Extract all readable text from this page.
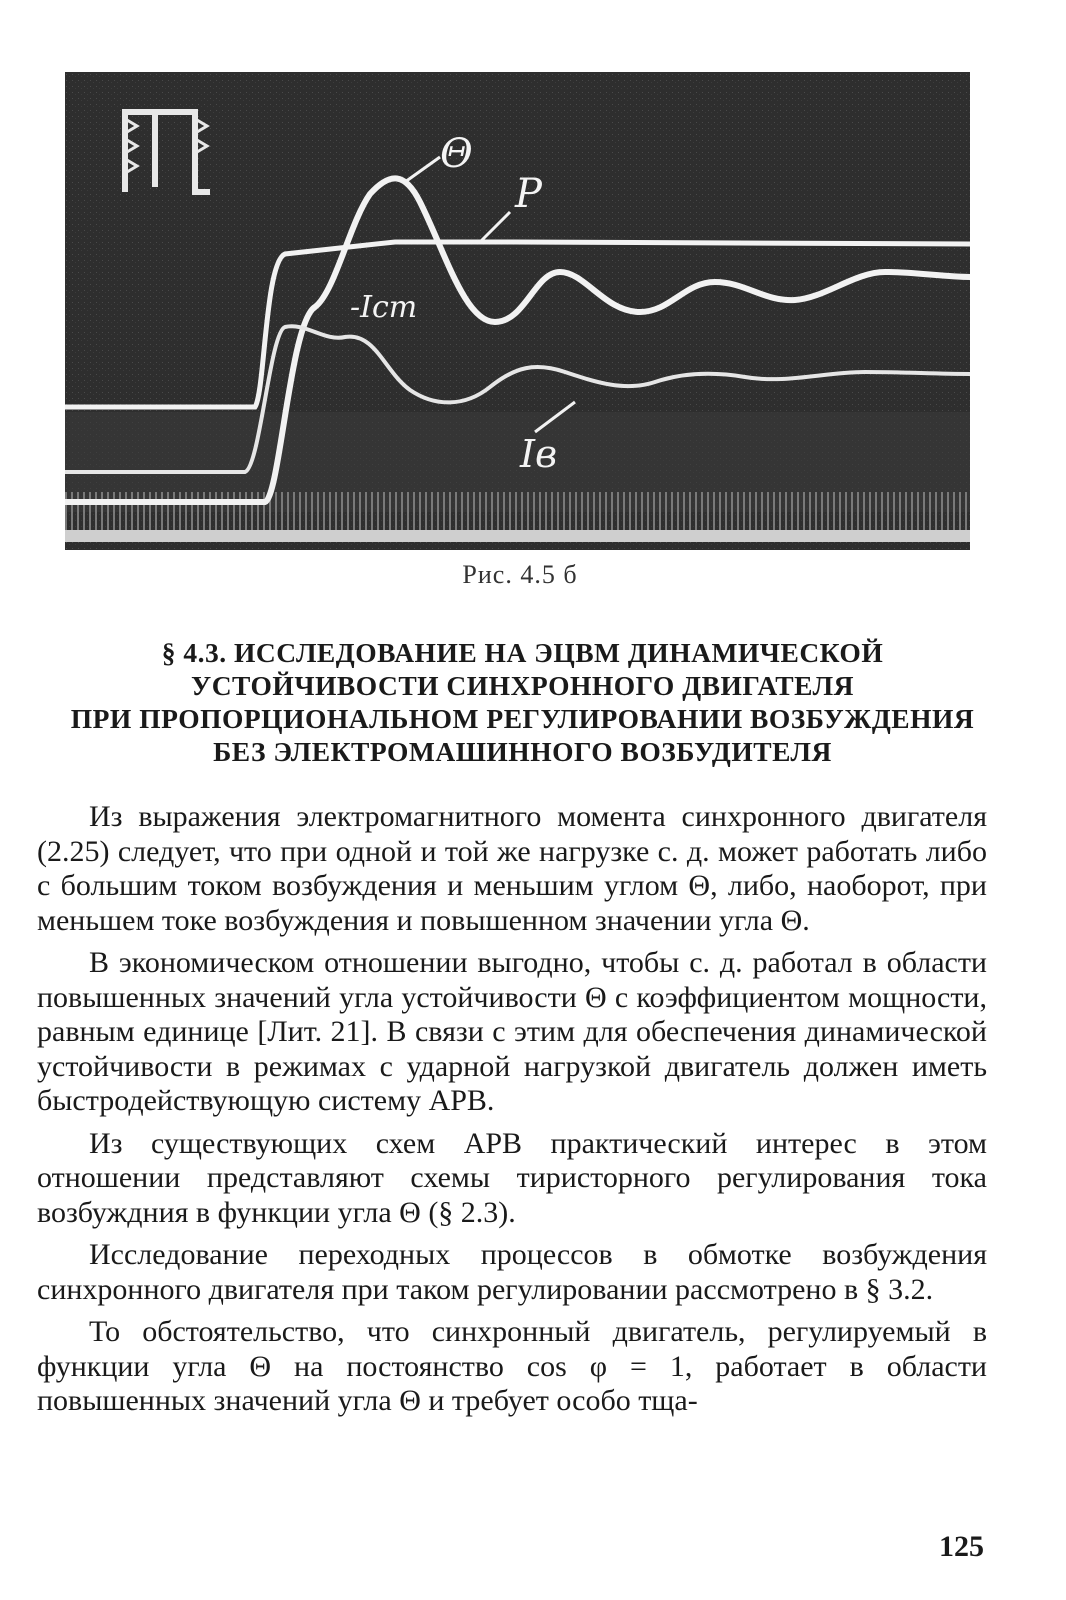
Θ
P
-Iст
Iв
Рис. 4.5 б
§ 4.3. ИССЛЕДОВАНИЕ НА ЭЦВМ ДИНАМИЧЕСКОЙ
УСТОЙЧИВОСТИ СИНХРОННОГО ДВИГАТЕЛЯ
ПРИ ПРОПОРЦИОНАЛЬНОМ РЕГУЛИРОВАНИИ ВОЗБУЖДЕНИЯ
БЕЗ ЭЛЕКТРОМАШИННОГО ВОЗБУДИТЕЛЯ

Из выражения электромагнитного момента синхронного двигателя (2.25) следует, что при одной и той же нагрузке с. д. может работать либо с большим током возбуждения и меньшим углом Θ, либо, наоборот, при меньшем токе возбуждения и повышенном значении угла Θ.

В экономическом отношении выгодно, чтобы с. д. работал в области повышенных значений угла устойчивости Θ с коэффициентом мощности, равным единице [Лит. 21]. В связи с этим для обеспечения динамической устойчивости в режимах с ударной нагрузкой двигатель должен иметь быстродействующую систему АРВ.

Из существующих схем АРВ практический интерес в этом отношении представляют схемы тиристорного регулирования тока возбуждния в функции угла Θ (§ 2.3).

Исследование переходных процессов в обмотке возбуждения синхронного двигателя при таком регулировании рассмотрено в § 3.2.

То обстоятельство, что синхронный двигатель, регулируемый в функции угла Θ на постоянство cos φ = 1, работает в области повышенных значений угла Θ и требует особо тща-

125
